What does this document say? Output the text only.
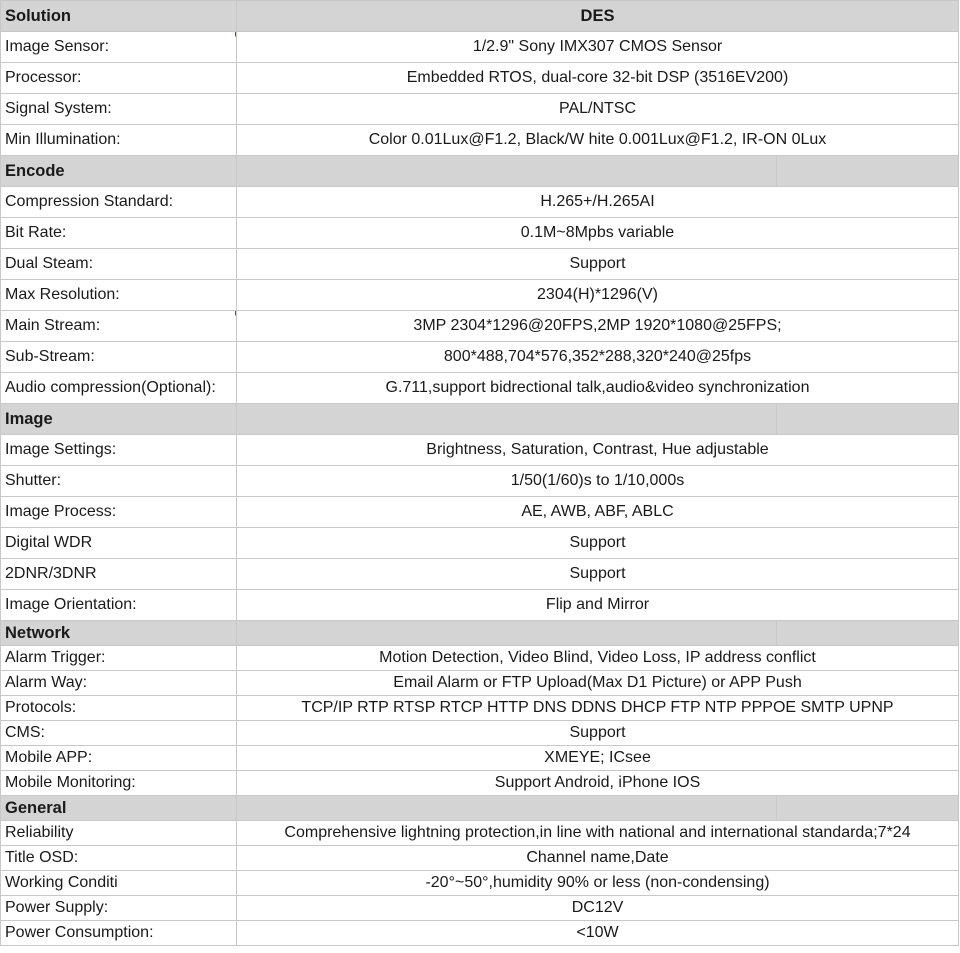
Solution	DES	
Image Sensor:	1/2.9" Sony IMX307 CMOS Sensor	
Processor:	Embedded RTOS, dual-core 32-bit DSP (3516EV200)	
Signal System:	PAL/NTSC	
Min Illumination:	Color 0.01Lux@F1.2, Black/W hite 0.001Lux@F1.2, IR-ON 0Lux	
Encode		
Compression Standard:	H.265+/H.265AI	
Bit Rate:	0.1M~8Mpbs variable	
Dual Steam:	Support	
Max Resolution:	2304(H)*1296(V)	
Main Stream:	3MP 2304*1296@20FPS,2MP 1920*1080@25FPS;	
Sub-Stream:	800*488,704*576,352*288,320*240@25fps	
Audio compression(Optional):	G.711,support bidrectional talk,audio&video synchronization	
Image		
Image Settings:	Brightness, Saturation, Contrast, Hue adjustable	
Shutter:	1/50(1/60)s to 1/10,000s	
Image Process:	AE, AWB, ABF, ABLC	
Digital WDR	Support	
2DNR/3DNR	Support	
Image Orientation:	Flip and Mirror	
Network		
Alarm Trigger:	Motion Detection, Video Blind, Video Loss, IP address conflict	
Alarm Way:	Email Alarm or FTP Upload(Max D1 Picture) or APP Push	
Protocols:	TCP/IP RTP RTSP RTCP HTTP DNS DDNS DHCP FTP NTP PPPOE SMTP UPNP	
CMS:	Support	
Mobile APP:	XMEYE; ICsee	
Mobile Monitoring:	Support Android, iPhone IOS	
General		
Reliability	Comprehensive lightning protection,in line with national and international standarda;7*24	
Title OSD:	Channel name,Date	
Working Conditi	-20°~50°,humidity 90% or less (non-condensing)	
Power Supply:	DC12V	
Power Consumption:	<10W	
